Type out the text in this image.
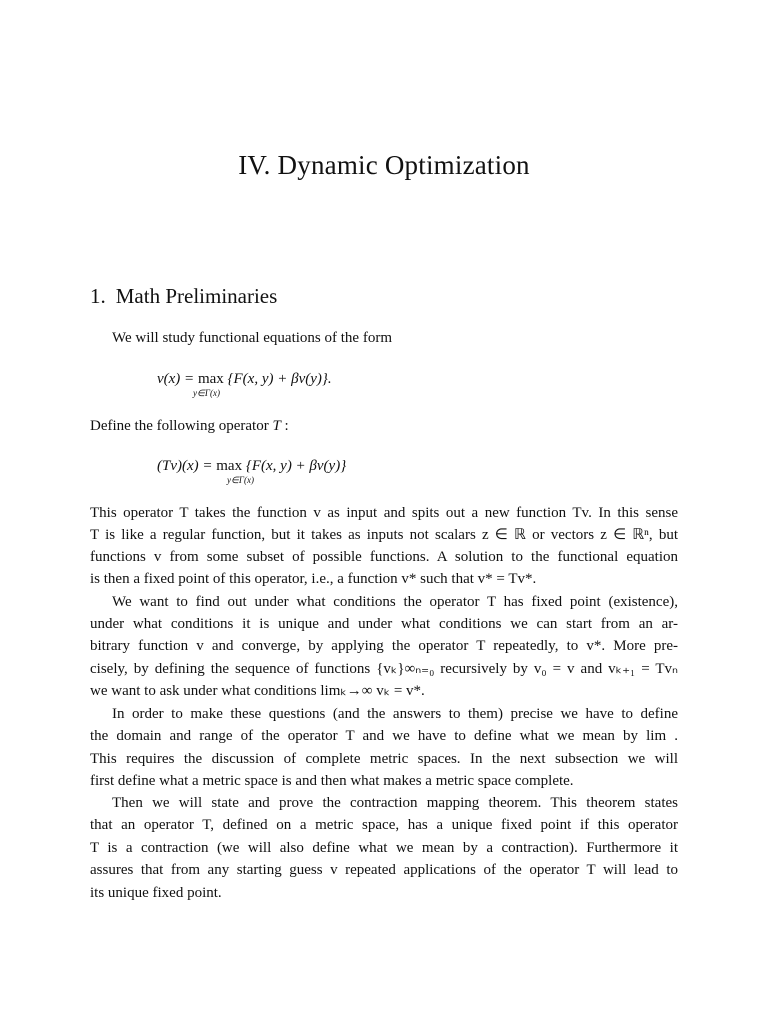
IV. Dynamic Optimization
1. Math Preliminaries
We will study functional equations of the form
v(x) = max {F(x, y) + βv(y)}.
y∈Γ(x)
Define the following operator T :
(Tv)(x) = max {F(x, y) + βv(y)}
y∈Γ(x)
This operator T takes the function v as input and spits out a new function Tv. In this sense
T is like a regular function, but it takes as inputs not scalars z ∈ ℝ or vectors z ∈ ℝⁿ, but
functions v from some subset of possible functions. A solution to the functional equation
is then a fixed point of this operator, i.e., a function v* such that v* = Tv*.
We want to find out under what conditions the operator T has fixed point (existence),
under what conditions it is unique and under what conditions we can start from an ar-
bitrary function v and converge, by applying the operator T repeatedly, to v*. More pre-
cisely, by defining the sequence of functions {vₖ}∞ₙ₌₀ recursively by v₀ = v and vₖ₊₁ = Tvₙ
we want to ask under what conditions limₖ→∞ vₖ = v*.
In order to make these questions (and the answers to them) precise we have to define
the domain and range of the operator T and we have to define what we mean by lim .
This requires the discussion of complete metric spaces. In the next subsection we will
first define what a metric space is and then what makes a metric space complete.
Then we will state and prove the contraction mapping theorem. This theorem states
that an operator T, defined on a metric space, has a unique fixed point if this operator
T is a contraction (we will also define what we mean by a contraction). Furthermore it
assures that from any starting guess v repeated applications of the operator T will lead to
its unique fixed point.
